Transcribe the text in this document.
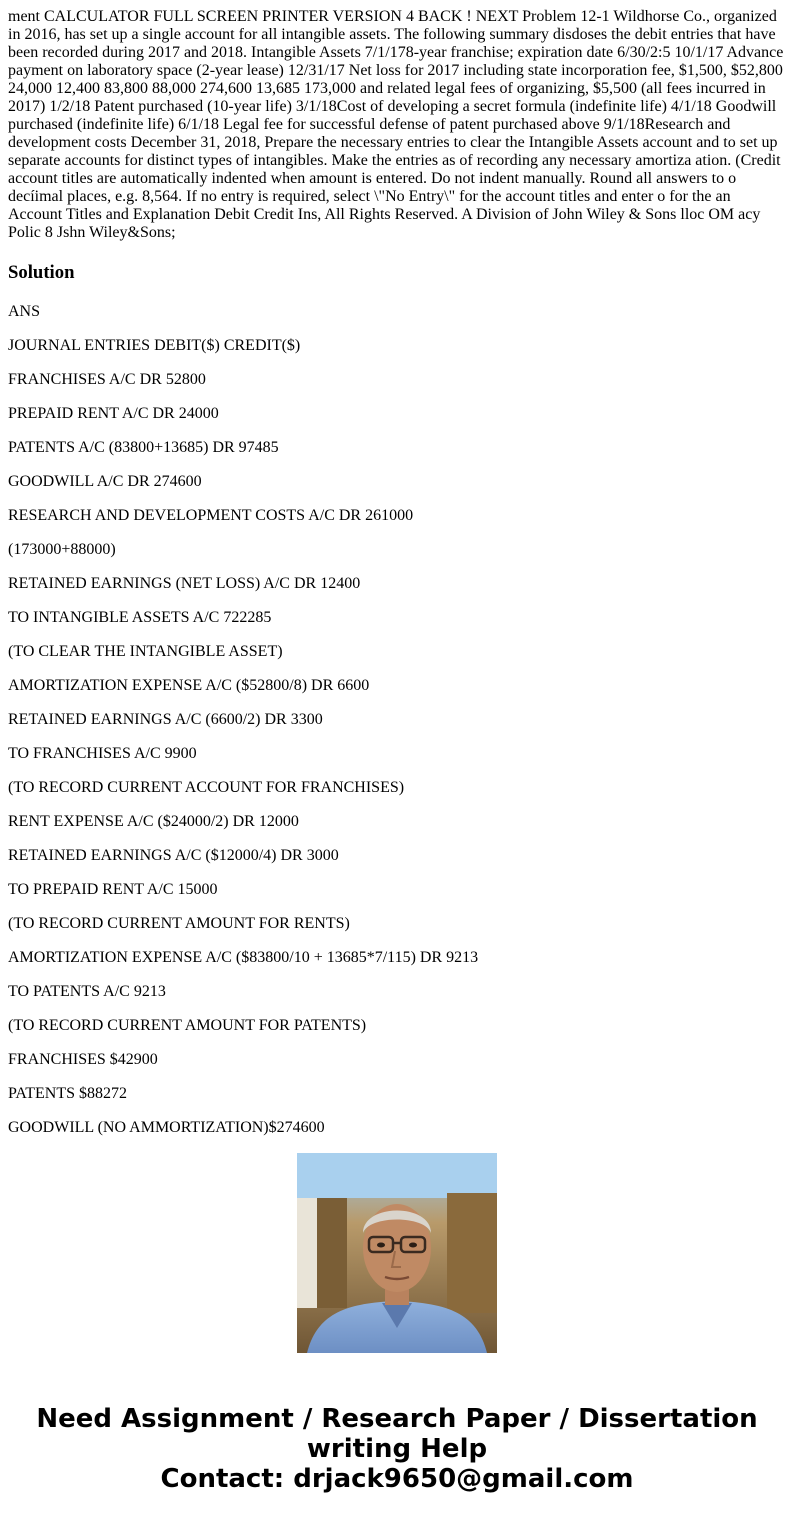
ment CALCULATOR FULL SCREEN PRINTER VERSION 4 BACK ! NEXT Problem 12-1 Wildhorse Co., organized in 2016, has set up a single account for all intangible assets. The following summary disdoses the debit entries that have been recorded during 2017 and 2018. Intangible Assets 7/1/178-year franchise; expiration date 6/30/2:5 10/1/17 Advance payment on laboratory space (2-year lease) 12/31/17 Net loss for 2017 including state incorporation fee, $1,500, $52,800 24,000 12,400 83,800 88,000 274,600 13,685 173,000 and related legal fees of organizing, $5,500 (all fees incurred in 2017) 1/2/18 Patent purchased (10-year life) 3/1/18Cost of developing a secret formula (indefinite life) 4/1/18 Goodwill purchased (indefinite life) 6/1/18 Legal fee for successful defense of patent purchased above 9/1/18Research and development costs December 31, 2018, Prepare the necessary entries to clear the Intangible Assets account and to set up separate accounts for distinct types of intangibles. Make the entries as of recording any necessary amortiza ation. (Credit account titles are automatically indented when amount is entered. Do not indent manually. Round all answers to o decíimal places, e.g. 8,564. If no entry is required, select \"No Entry\" for the account titles and enter o for the an Account Titles and Explanation Debit Credit Ins, All Rights Reserved. A Division of John Wiley & Sons lloc OM acy Polic 8 Jshn Wiley&Sons;

Solution

ANS

JOURNAL ENTRIES DEBIT($) CREDIT($)

FRANCHISES A/C DR 52800

PREPAID RENT A/C DR 24000

PATENTS A/C (83800+13685) DR 97485

GOODWILL A/C DR 274600

RESEARCH AND DEVELOPMENT COSTS A/C DR 261000

(173000+88000)

RETAINED EARNINGS (NET LOSS) A/C DR 12400

TO INTANGIBLE ASSETS A/C 722285

(TO CLEAR THE INTANGIBLE ASSET)

AMORTIZATION EXPENSE A/C ($52800/8) DR 6600

RETAINED EARNINGS A/C (6600/2) DR 3300

TO FRANCHISES A/C 9900

(TO RECORD CURRENT ACCOUNT FOR FRANCHISES)

RENT EXPENSE A/C ($24000/2) DR 12000

RETAINED EARNINGS A/C ($12000/4) DR 3000

TO PREPAID RENT A/C 15000

(TO RECORD CURRENT AMOUNT FOR RENTS)

AMORTIZATION EXPENSE A/C ($83800/10 + 13685*7/115) DR 9213

TO PATENTS A/C 9213

(TO RECORD CURRENT AMOUNT FOR PATENTS)

FRANCHISES $42900

PATENTS $88272

GOODWILL (NO AMMORTIZATION)$274600

Need Assignment / Research Paper / Dissertation
writing Help
Contact: drjack9650@gmail.com
